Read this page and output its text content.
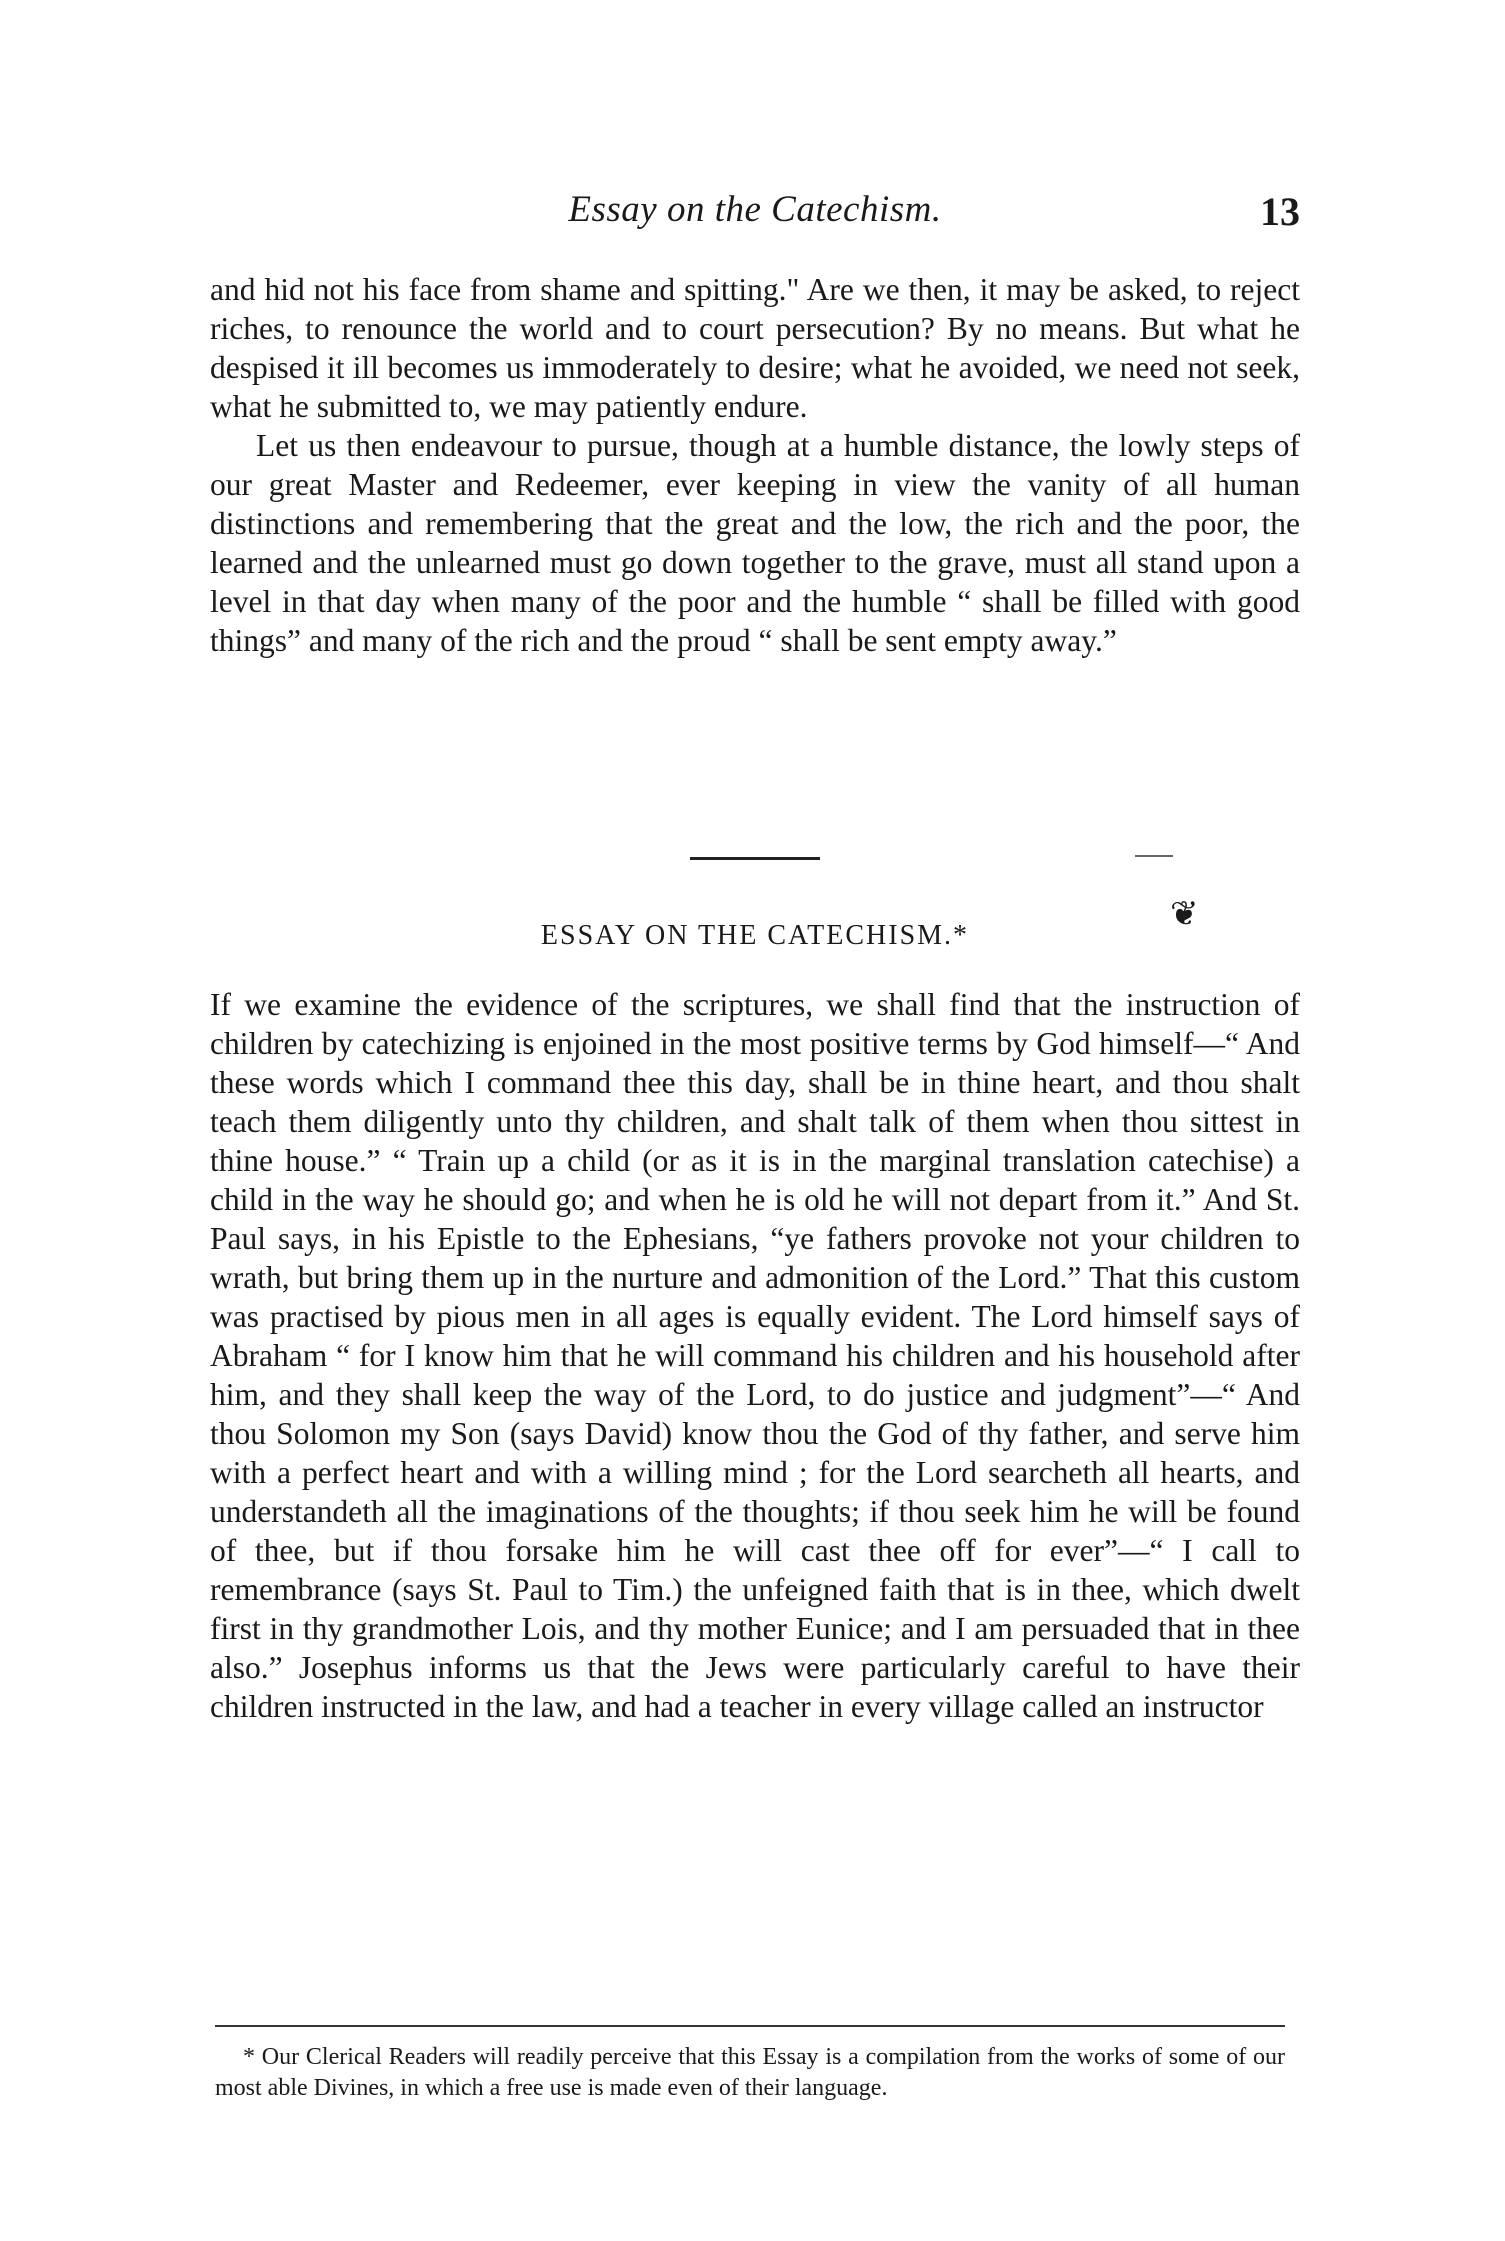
Essay on the Catechism.	13

and hid not his face from shame and spitting." Are we then, it may be asked, to reject riches, to renounce the world and to court persecution? By no means. But what he despised it ill becomes us immoderately to desire; what he avoided, we need not seek, what he submitted to, we may patiently endure.

Let us then endeavour to pursue, though at a humble distance, the lowly steps of our great Master and Redeemer, ever keeping in view the vanity of all human distinctions and remembering that the great and the low, the rich and the poor, the learned and the unlearned must go down together to the grave, must all stand upon a level in that day when many of the poor and the humble “ shall be filled with good things” and many of the rich and the proud “ shall be sent empty away.”

ESSAY ON THE CATECHISM.*
❦

If we examine the evidence of the scriptures, we shall find that the instruction of children by catechizing is enjoined in the most positive terms by God himself—“ And these words which I command thee this day, shall be in thine heart, and thou shalt teach them diligently unto thy children, and shalt talk of them when thou sittest in thine house.” “ Train up a child (or as it is in the marginal translation catechise) a child in the way he should go; and when he is old he will not depart from it.” And St. Paul says, in his Epistle to the Ephesians, “ye fathers provoke not your children to wrath, but bring them up in the nurture and admonition of the Lord.” That this custom was practised by pious men in all ages is equally evident. The Lord himself says of Abraham “ for I know him that he will command his children and his household after him, and they shall keep the way of the Lord, to do justice and judgment”—“ And thou Solomon my Son (says David) know thou the God of thy father, and serve him with a perfect heart and with a willing mind ; for the Lord searcheth all hearts, and understandeth all the imaginations of the thoughts; if thou seek him he will be found of thee, but if thou forsake him he will cast thee off for ever”—“ I call to remembrance (says St. Paul to Tim.) the unfeigned faith that is in thee, which dwelt first in thy grandmother Lois, and thy mother Eunice; and I am persuaded that in thee also.” Josephus informs us that the Jews were particularly careful to have their children instructed in the law, and had a teacher in every village called an instructor

* Our Clerical Readers will readily perceive that this Essay is a compilation from the works of some of our most able Divines, in which a free use is made even of their language.
